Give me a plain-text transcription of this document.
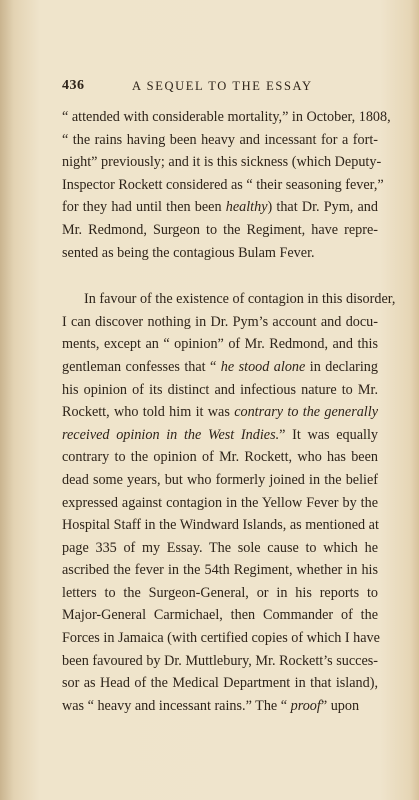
436	A SEQUEL TO THE ESSAY
“ attended with considerable mortality,” in October, 1808,
“ the rains having been heavy and incessant for a fort-
night” previously; and it is this sickness (which Deputy-
Inspector Rockett considered as “ their seasoning fever,”
for they had until then been healthy) that Dr. Pym, and
Mr. Redmond, Surgeon to the Regiment, have repre-
sented as being the contagious Bulam Fever.
In favour of the existence of contagion in this disorder,
I can discover nothing in Dr. Pym’s account and docu-
ments, except an “ opinion” of Mr. Redmond, and this
gentleman confesses that “ he stood alone in declaring
his opinion of its distinct and infectious nature to Mr.
Rockett, who told him it was contrary to the generally
received opinion in the West Indies.” It was equally
contrary to the opinion of Mr. Rockett, who has been
dead some years, but who formerly joined in the belief
expressed against contagion in the Yellow Fever by the
Hospital Staff in the Windward Islands, as mentioned at
page 335 of my Essay. The sole cause to which he
ascribed the fever in the 54th Regiment, whether in his
letters to the Surgeon-General, or in his reports to
Major-General Carmichael, then Commander of the
Forces in Jamaica (with certified copies of which I have
been favoured by Dr. Muttlebury, Mr. Rockett’s succes-
sor as Head of the Medical Department in that island),
was “ heavy and incessant rains.” The “ proof” upon
